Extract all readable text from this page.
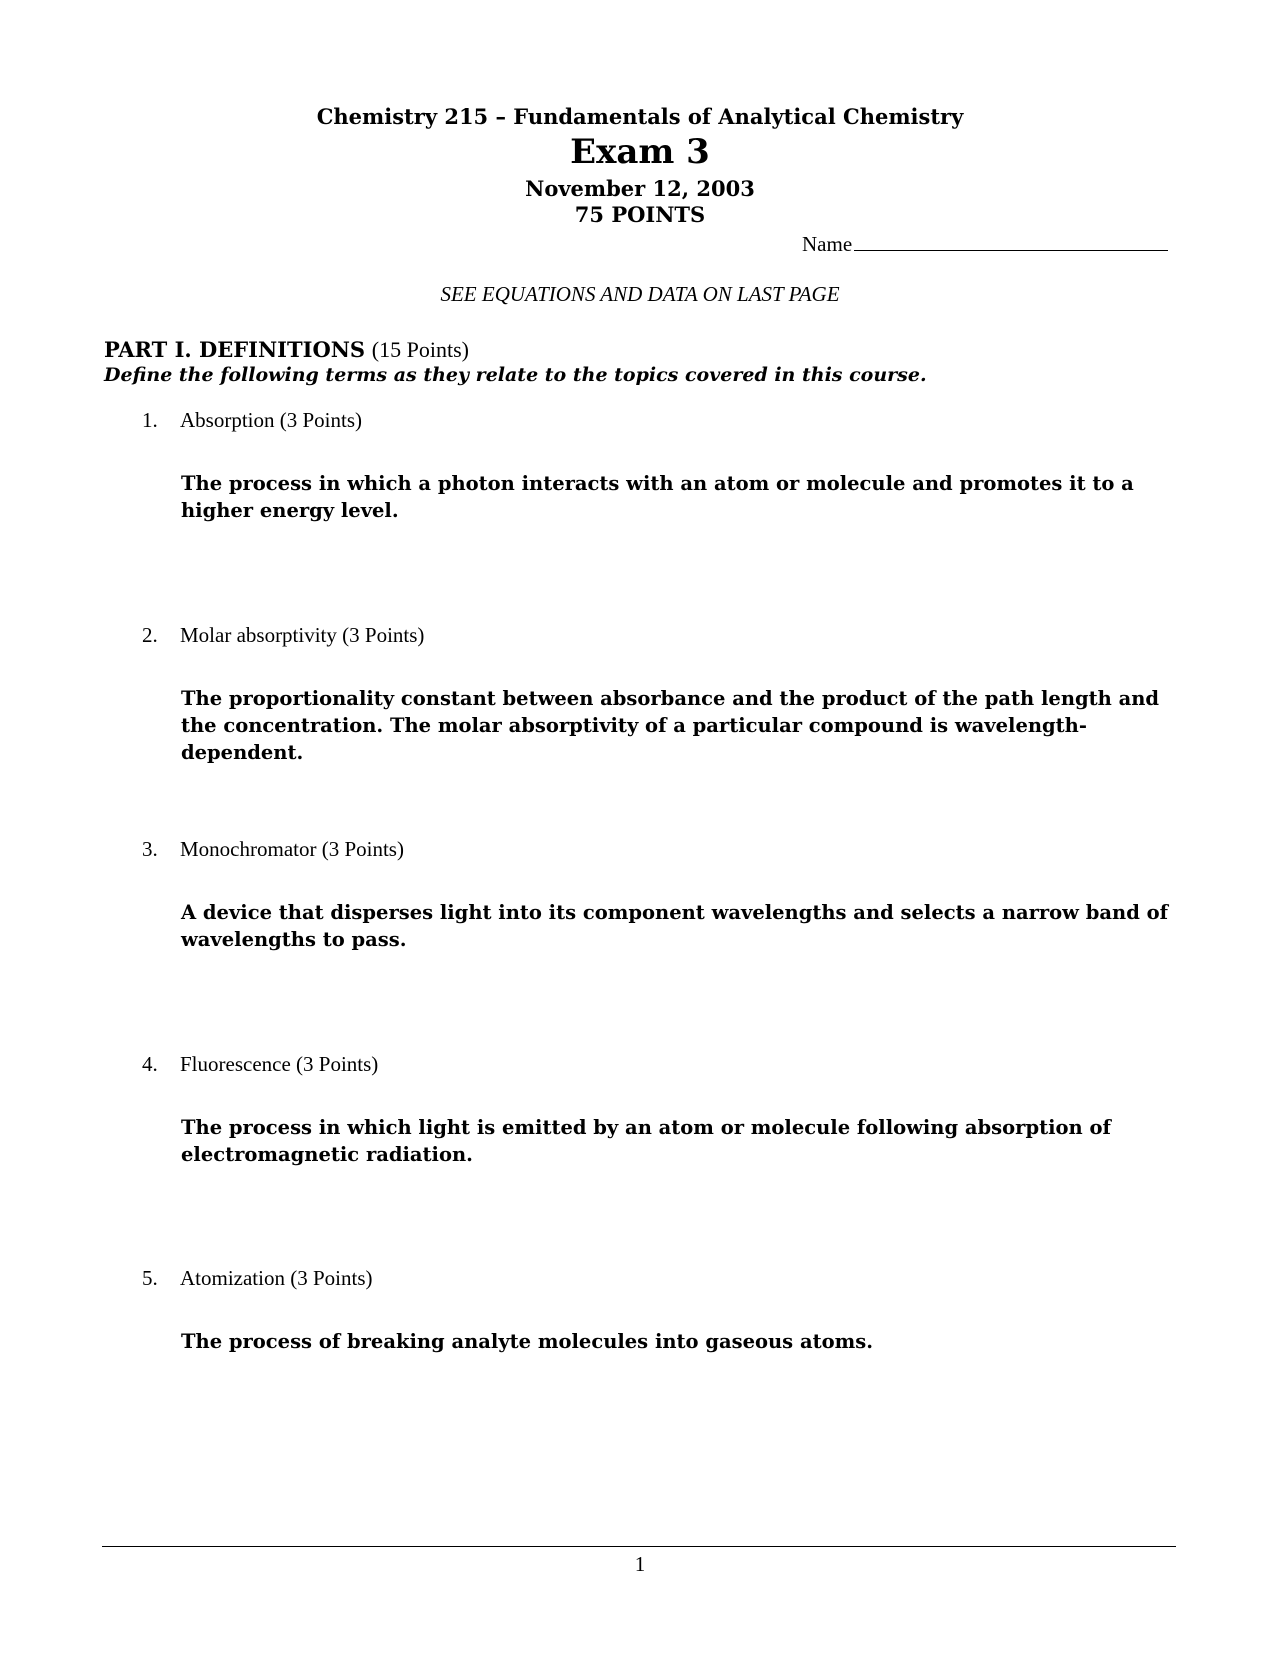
Chemistry 215 – Fundamentals of Analytical Chemistry
Exam 3
November 12, 2003
75 POINTS
Name
SEE EQUATIONS AND DATA ON LAST PAGE
PART I. DEFINITIONS (15 Points)
Define the following terms as they relate to the topics covered in this course.
1. Absorption (3 Points)
The process in which a photon interacts with an atom or molecule and promotes it to a higher energy level.
2. Molar absorptivity (3 Points)
The proportionality constant between absorbance and the product of the path length and the concentration. The molar absorptivity of a particular compound is wavelength-dependent.
3. Monochromator (3 Points)
A device that disperses light into its component wavelengths and selects a narrow band of wavelengths to pass.
4. Fluorescence (3 Points)
The process in which light is emitted by an atom or molecule following absorption of electromagnetic radiation.
5. Atomization (3 Points)
The process of breaking analyte molecules into gaseous atoms.
1
